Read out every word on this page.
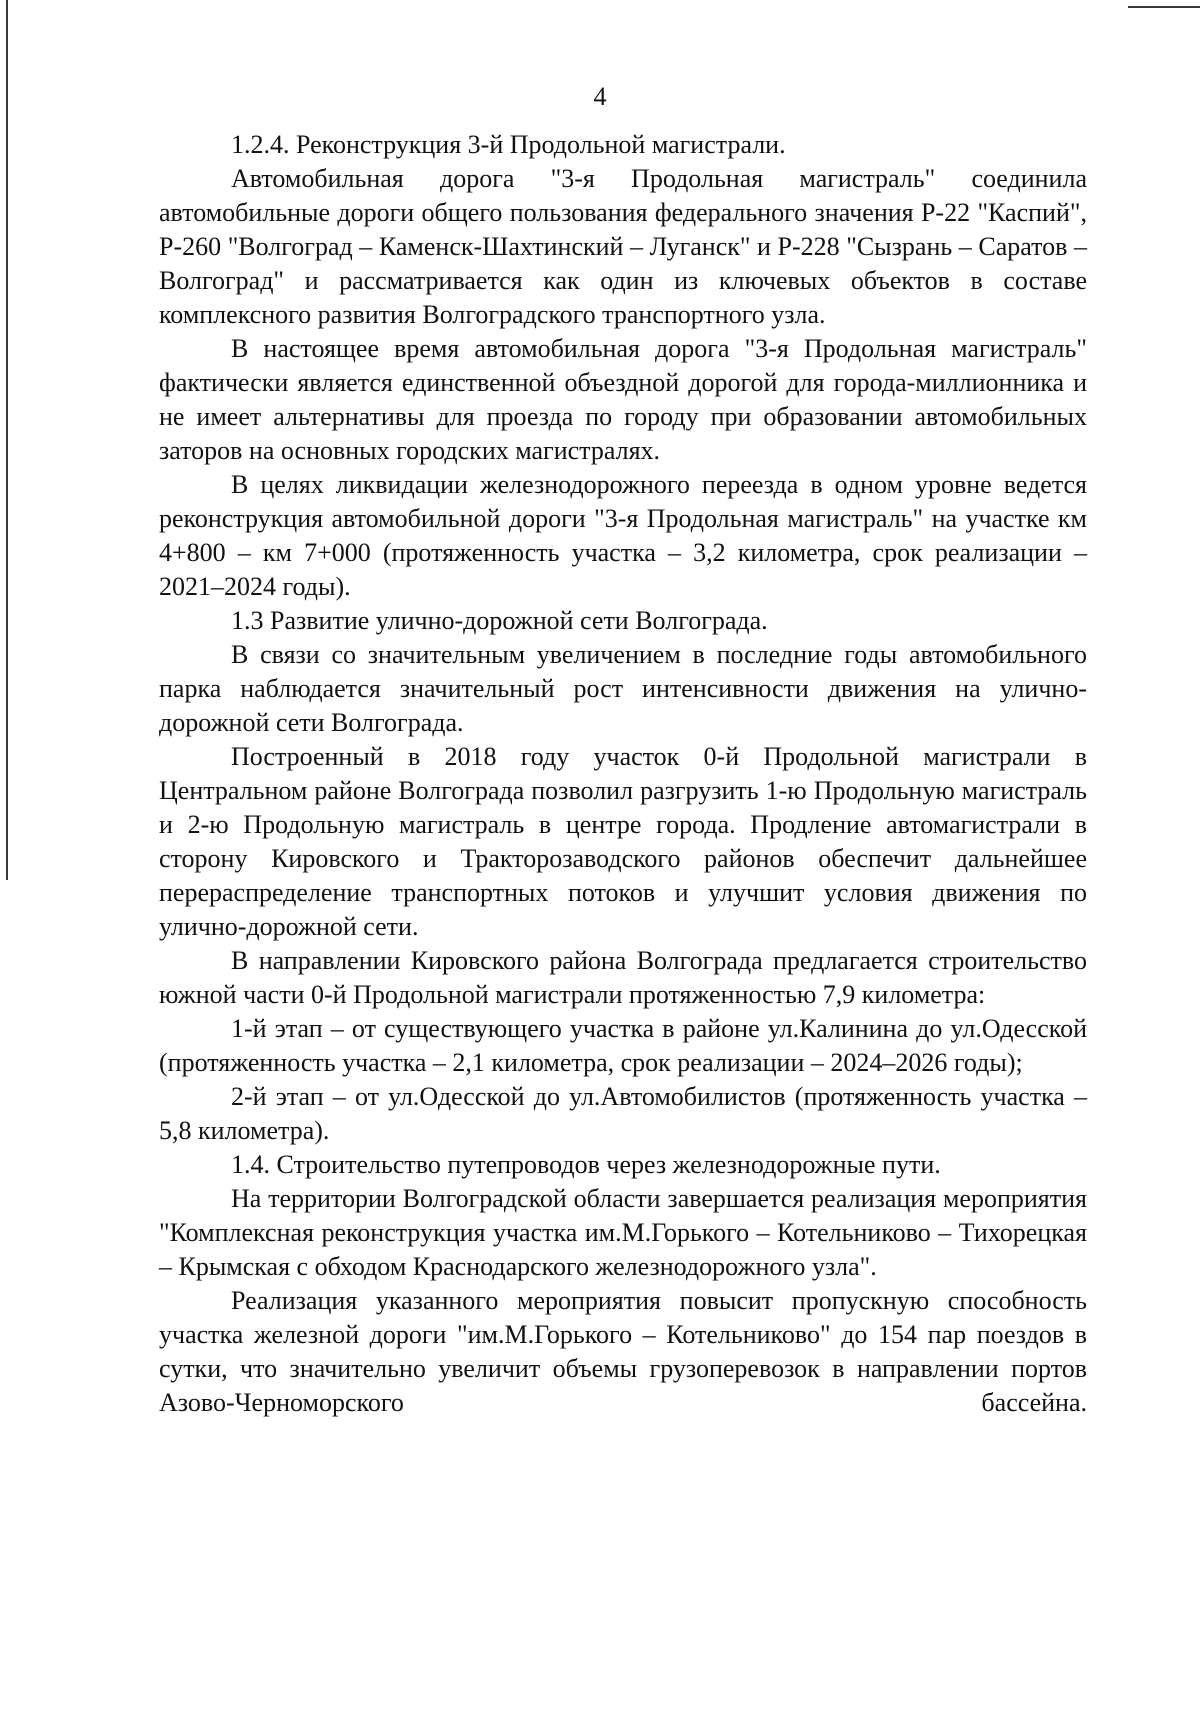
4

1.2.4. Реконструкция 3-й Продольной магистрали.

Автомобильная дорога "3-я Продольная магистраль" соединила автомобильные дороги общего пользования федерального значения Р-22 "Каспий", Р-260 "Волгоград – Каменск-Шахтинский – Луганск" и Р-228 "Сызрань – Саратов – Волгоград" и рассматривается как один из ключевых объектов в составе комплексного развития Волгоградского транспортного узла.

В настоящее время автомобильная дорога "3-я Продольная магистраль" фактически является единственной объездной дорогой для города-миллионника и не имеет альтернативы для проезда по городу при образовании автомобильных заторов на основных городских магистралях.

В целях ликвидации железнодорожного переезда в одном уровне ведется реконструкция автомобильной дороги "3-я Продольная магистраль" на участке км 4+800 – км 7+000 (протяженность участка – 3,2 километра, срок реализации – 2021–2024 годы).

1.3 Развитие улично-дорожной сети Волгограда.

В связи со значительным увеличением в последние годы автомобильного парка наблюдается значительный рост интенсивности движения на улично-дорожной сети Волгограда.

Построенный в 2018 году участок 0-й Продольной магистрали в Центральном районе Волгограда позволил разгрузить 1-ю Продольную магистраль и 2-ю Продольную магистраль в центре города. Продление автомагистрали в сторону Кировского и Тракторозаводского районов обеспечит дальнейшее перераспределение транспортных потоков и улучшит условия движения по улично-дорожной сети.

В направлении Кировского района Волгограда предлагается строительство южной части 0-й Продольной магистрали протяженностью 7,9 километра:

1-й этап – от существующего участка в районе ул.Калинина до ул.Одесской (протяженность участка – 2,1 километра, срок реализации – 2024–2026 годы);

2-й этап – от ул.Одесской до ул.Автомобилистов (протяженность участка – 5,8 километра).

1.4. Строительство путепроводов через железнодорожные пути.

На территории Волгоградской области завершается реализация мероприятия "Комплексная реконструкция участка им.М.Горького – Котельниково – Тихорецкая – Крымская с обходом Краснодарского железнодорожного узла".

Реализация указанного мероприятия повысит пропускную способность участка железной дороги "им.М.Горького – Котельниково" до 154 пар поездов в сутки, что значительно увеличит объемы грузоперевозок в направлении портов Азово-Черноморского бассейна.
